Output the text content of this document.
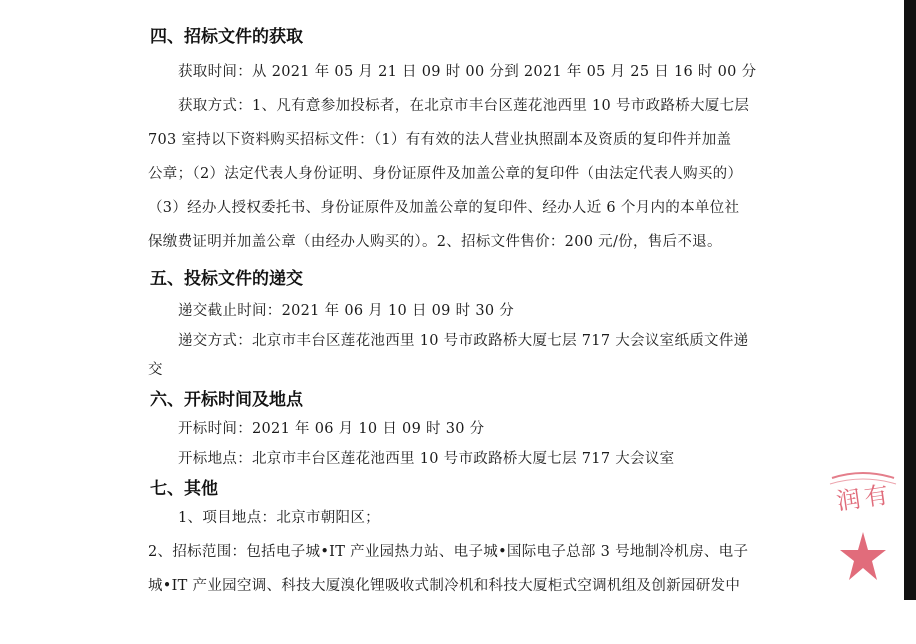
四、招标文件的获取
获取时间：从 2021 年 05 月 21 日 09 时 00 分到 2021 年 05 月 25 日 16 时 00 分
获取方式：1、凡有意参加投标者，在北京市丰台区莲花池西里 10 号市政路桥大厦七层
703 室持以下资料购买招标文件：（1）有有效的法人营业执照副本及资质的复印件并加盖
公章；（2）法定代表人身份证明、身份证原件及加盖公章的复印件（由法定代表人购买的）
（3）经办人授权委托书、身份证原件及加盖公章的复印件、经办人近 6 个月内的本单位社
保缴费证明并加盖公章（由经办人购买的）。2、招标文件售价：200 元/份，售后不退。
五、投标文件的递交
递交截止时间：2021 年 06 月 10 日 09 时 30 分
递交方式：北京市丰台区莲花池西里 10 号市政路桥大厦七层 717 大会议室纸质文件递
交
六、开标时间及地点
开标时间：2021 年 06 月 10 日 09 时 30 分
开标地点：北京市丰台区莲花池西里 10 号市政路桥大厦七层 717 大会议室
七、其他
1、项目地点：北京市朝阳区；
2、招标范围：包括电子城•IT 产业园热力站、电子城•国际电子总部 3 号地制冷机房、电子
城•IT 产业园空调、科技大厦溴化锂吸收式制冷机和科技大厦柜式空调机组及创新园研发中
润有
